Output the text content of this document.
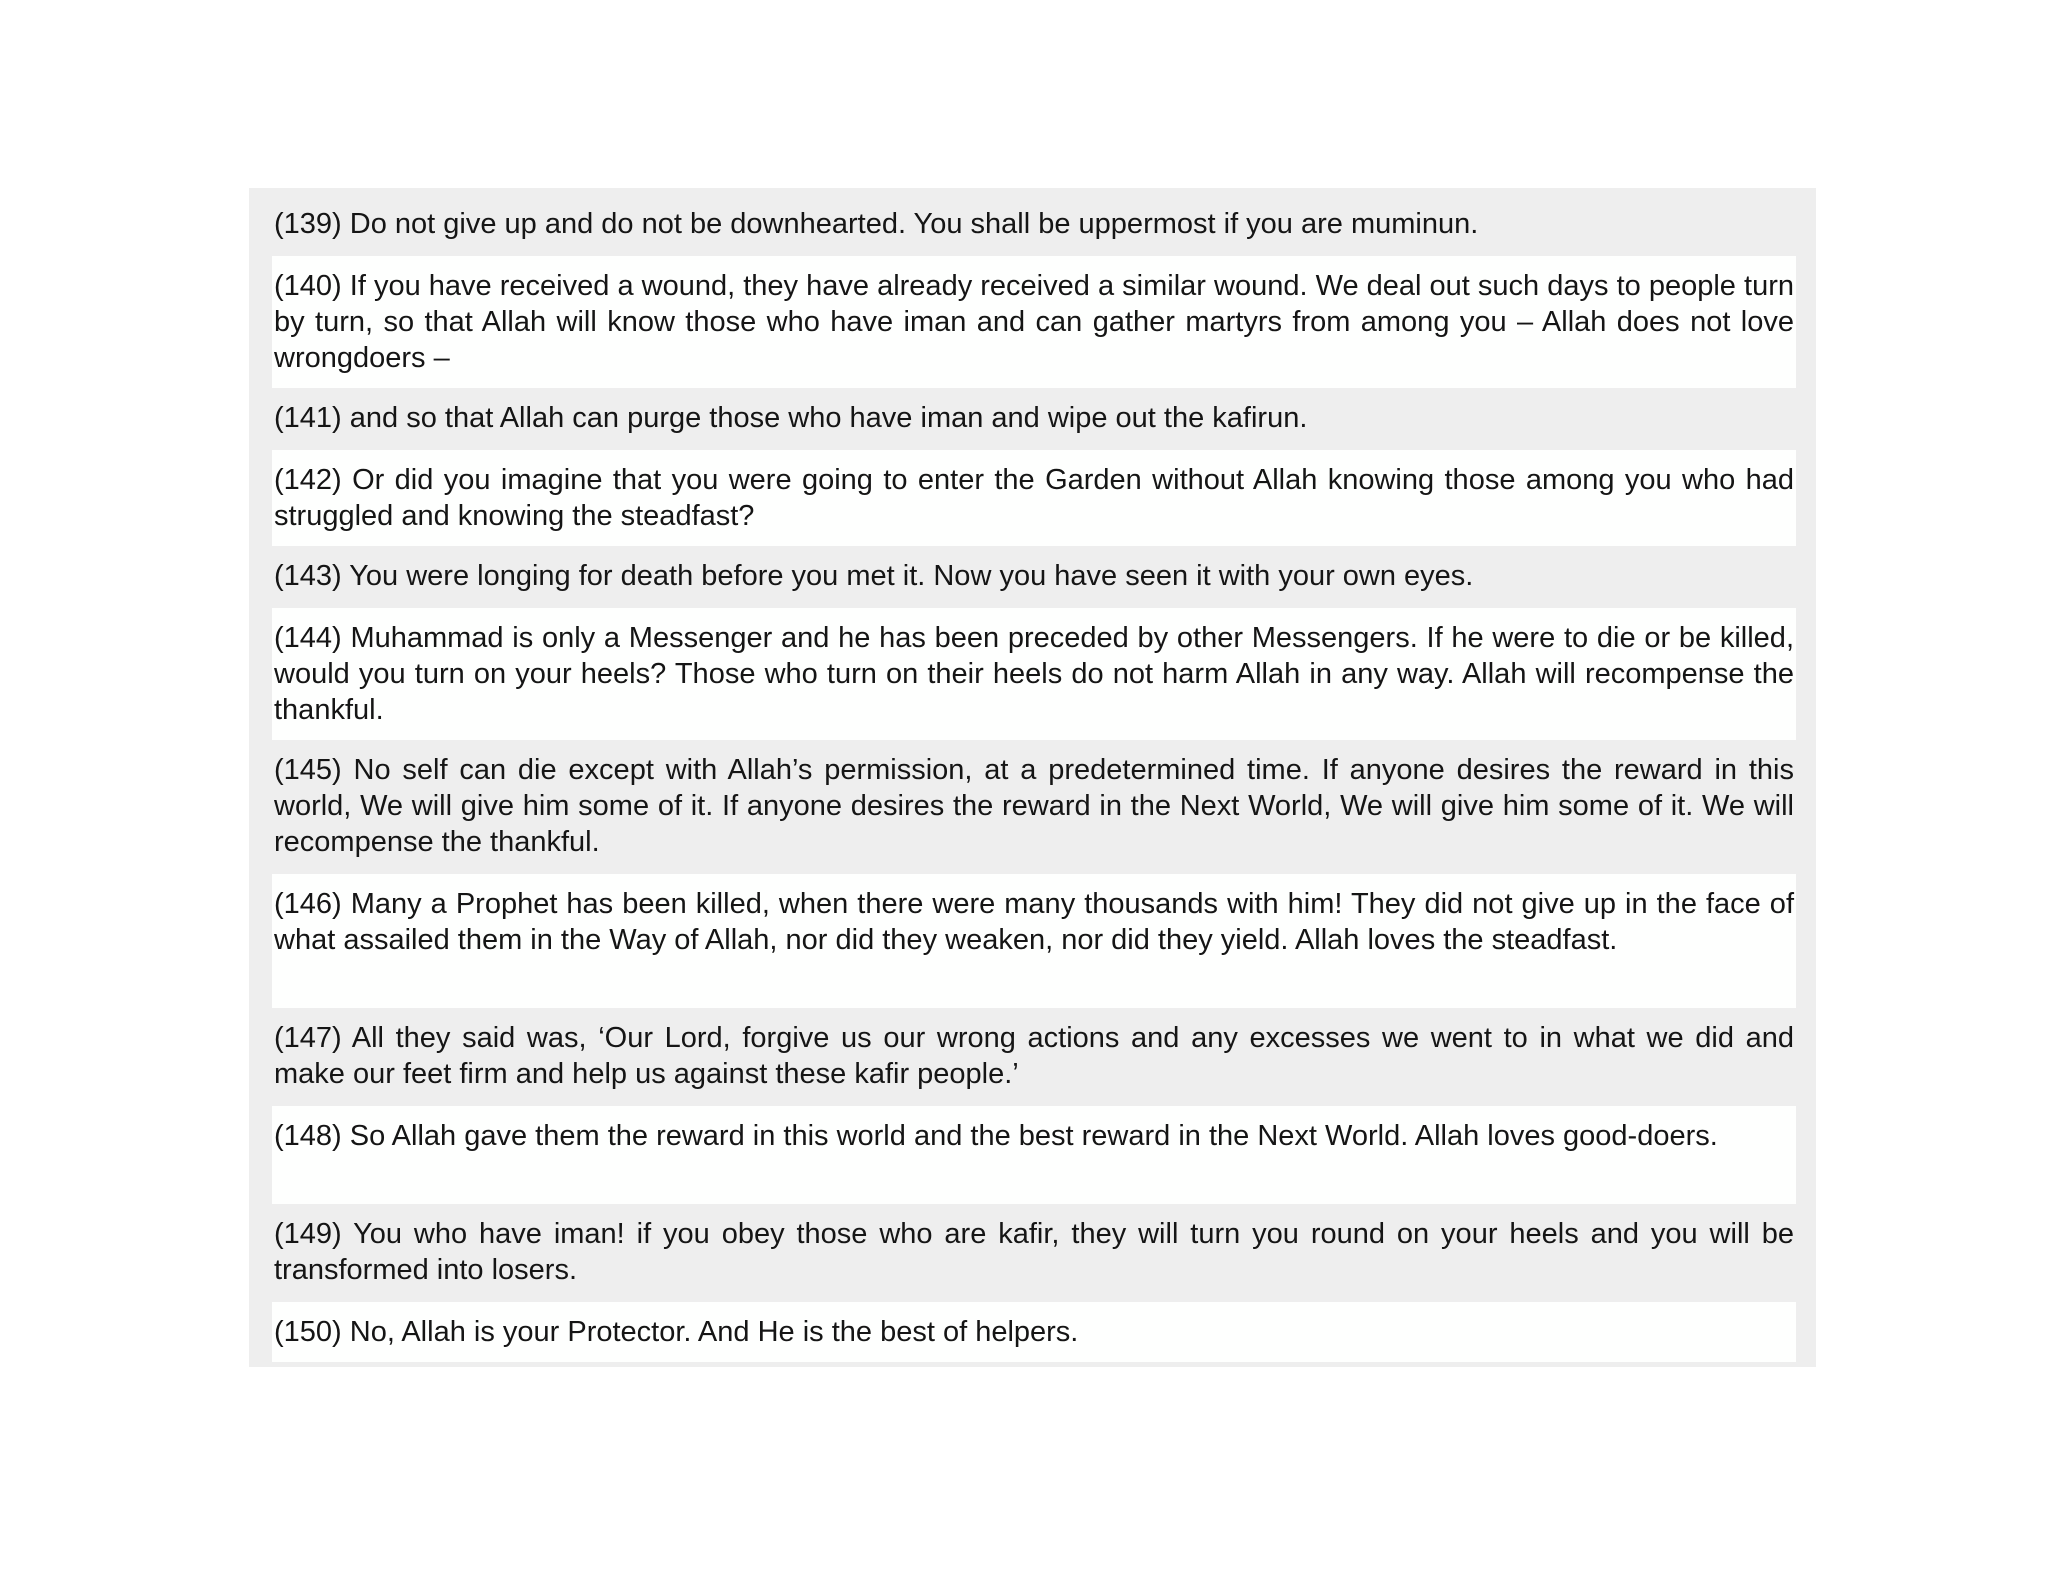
(139) Do not give up and do not be downhearted. You shall be uppermost if you are muminun.
(140) If you have received a wound, they have already received a similar wound. We deal out such days to people turn by turn, so that Allah will know those who have iman and can gather martyrs from among you – Allah does not love wrongdoers –
(141) and so that Allah can purge those who have iman and wipe out the kafirun.
(142) Or did you imagine that you were going to enter the Garden without Allah knowing those among you who had struggled and knowing the steadfast?
(143) You were longing for death before you met it. Now you have seen it with your own eyes.
(144) Muhammad is only a Messenger and he has been preceded by other Messengers. If he were to die or be killed, would you turn on your heels? Those who turn on their heels do not harm Allah in any way. Allah will recompense the thankful.
(145) No self can die except with Allah’s permission, at a predetermined time. If anyone desires the reward in this world, We will give him some of it. If anyone desires the reward in the Next World, We will give him some of it. We will recompense the thankful.
(146) Many a Prophet has been killed, when there were many thousands with him! They did not give up in the face of what assailed them in the Way of Allah, nor did they weaken, nor did they yield. Allah loves the steadfast.
(147) All they said was, ‘Our Lord, forgive us our wrong actions and any excesses we went to in what we did and make our feet firm and help us against these kafir people.’
(148) So Allah gave them the reward in this world and the best reward in the Next World. Allah loves good-doers.
(149) You who have iman! if you obey those who are kafir, they will turn you round on your heels and you will be transformed into losers.
(150) No, Allah is your Protector. And He is the best of helpers.
